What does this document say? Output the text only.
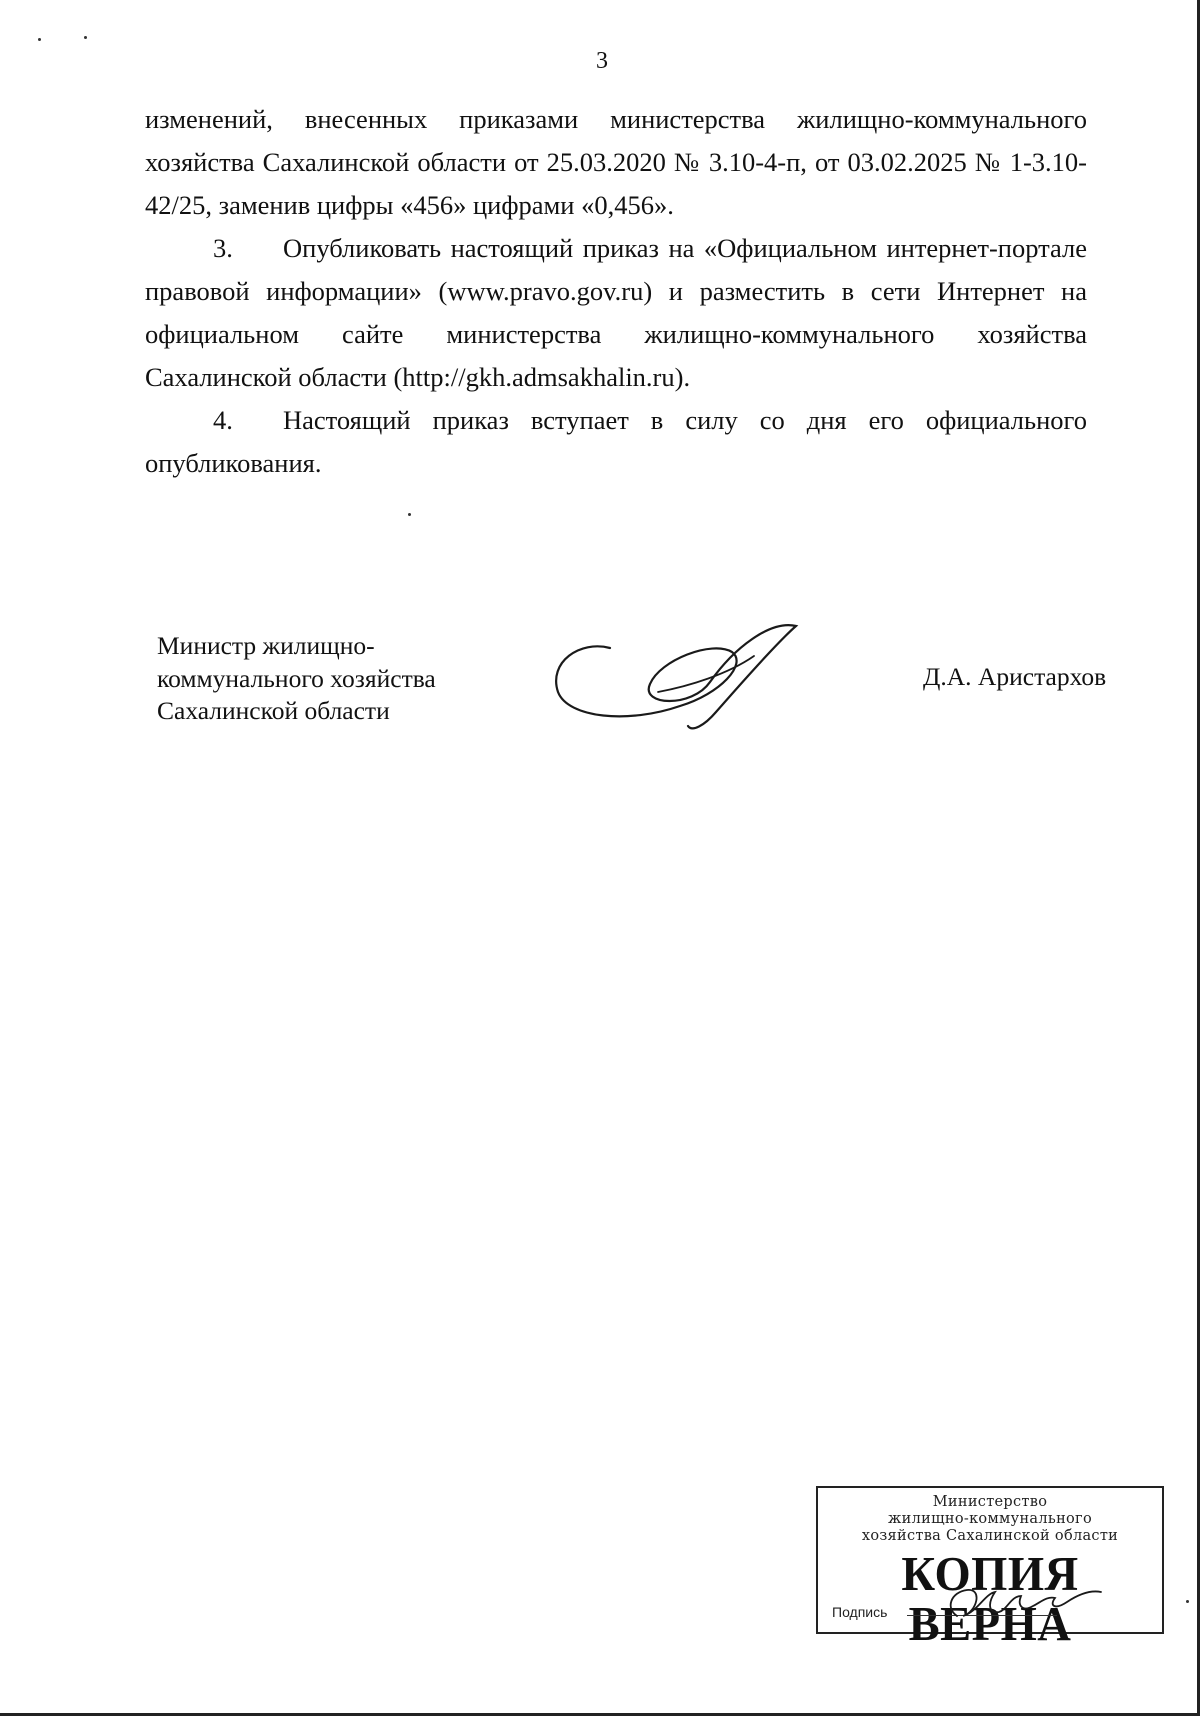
3

изменений, внесенных приказами министерства жилищно-коммунального хозяйства Сахалинской области от 25.03.2020 № 3.10-4-п, от 03.02.2025 № 1-3.10-42/25, заменив цифры «456» цифрами «0,456».

3. Опубликовать настоящий приказ на «Официальном интернет-портале правовой информации» (www.pravo.gov.ru) и разместить в сети Интернет на официальном сайте министерства жилищно-коммунального хозяйства Сахалинской области (http://gkh.admsakhalin.ru).

4. Настоящий приказ вступает в силу со дня его официального опубликования.

Министр жилищно-
коммунального хозяйства
Сахалинской области
Д.А. Аристархов
Министерство
жилищно-коммунального
хозяйства Сахалинской области
КОПИЯ ВЕРНА
Подпись
